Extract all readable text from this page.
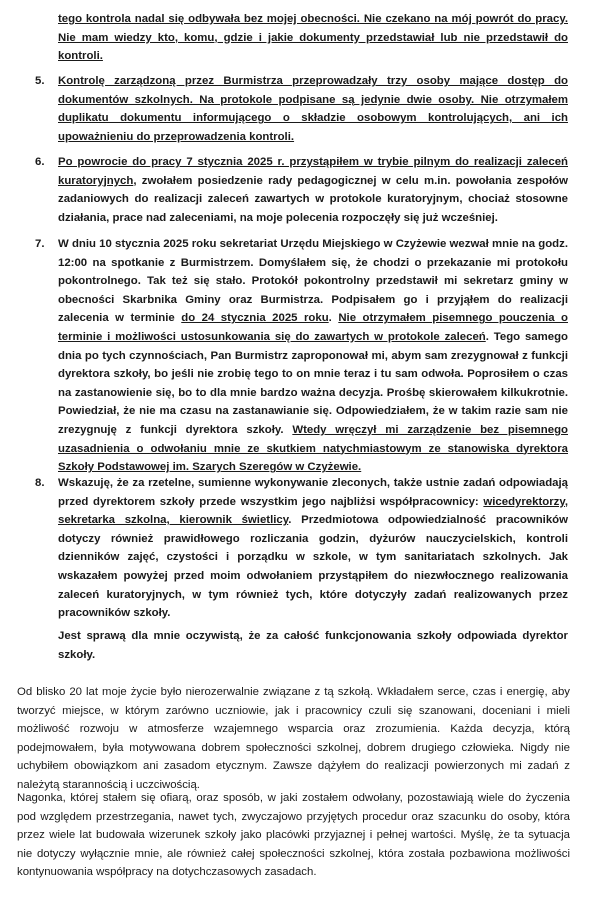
tego kontrola nadal się odbywała bez mojej obecności. Nie czekano na mój powrót do pracy. Nie mam wiedzy kto, komu, gdzie i jakie dokumenty przedstawiał lub nie przedstawił do kontroli.
5.	Kontrolę zarządzoną przez Burmistrza przeprowadzały trzy osoby mające dostęp do dokumentów szkolnych. Na protokole podpisane są jedynie dwie osoby. Nie otrzymałem duplikatu dokumentu informującego o składzie osobowym kontrolujących, ani ich upoważnieniu do przeprowadzenia kontroli.
6.	Po powrocie do pracy 7 stycznia 2025 r. przystąpiłem w trybie pilnym do realizacji zaleceń kuratoryjnych, zwołałem posiedzenie rady pedagogicznej w celu m.in. powołania zespołów zadaniowych do realizacji zaleceń zawartych w protokole kuratoryjnym, chociaż stosowne działania, prace nad zaleceniami, na moje polecenia rozpoczęły się już wcześniej.
7.	W dniu 10 stycznia 2025 roku sekretariat Urzędu Miejskiego w Czyżewie wezwał mnie na godz. 12:00 na spotkanie z Burmistrzem. Domyślałem się, że chodzi o przekazanie mi protokołu pokontrolnego. Tak też się stało. Protokół pokontrolny przedstawił mi sekretarz gminy w obecności Skarbnika Gminy oraz Burmistrza. Podpisałem go i przyjąłem do realizacji zalecenia w terminie do 24 stycznia 2025 roku. Nie otrzymałem pisemnego pouczenia o terminie i możliwości ustosunkowania się do zawartych w protokole zaleceń. Tego samego dnia po tych czynnościach, Pan Burmistrz zaproponował mi, abym sam zrezygnował z funkcji dyrektora szkoły, bo jeśli nie zrobię tego to on mnie teraz i tu sam odwoła. Poprosiłem o czas na zastanowienie się, bo to dla mnie bardzo ważna decyzja. Prośbę skierowałem kilkukrotnie. Powiedział, że nie ma czasu na zastanawianie się. Odpowiedziałem, że w takim razie sam nie zrezygnuję z funkcji dyrektora szkoły. Wtedy wręczył mi zarządzenie bez pisemnego uzasadnienia o odwołaniu mnie ze skutkiem natychmiastowym ze stanowiska dyrektora Szkoły Podstawowej im. Szarych Szeregów w Czyżewie.
8.	Wskazuję, że za rzetelne, sumienne wykonywanie zleconych, także ustnie zadań odpowiadają przed dyrektorem szkoły przede wszystkim jego najbliżsi współpracownicy: wicedyrektorzy, sekretarka szkolna, kierownik świetlicy. Przedmiotowa odpowiedzialność pracowników dotyczy również prawidłowego rozliczania godzin, dyżurów nauczycielskich, kontroli dzienników zajęć, czystości i porządku w szkole, w tym sanitariatach szkolnych. Jak wskazałem powyżej przed moim odwołaniem przystąpiłem do niezwłocznego realizowania zaleceń kuratoryjnych, w tym również tych, które dotyczyły zadań realizowanych przez pracowników szkoły.
Jest sprawą dla mnie oczywistą, że za całość funkcjonowania szkoły odpowiada dyrektor szkoły.
Od blisko 20 lat moje życie było nierozerwalnie związane z tą szkołą. Wkładałem serce, czas i energię, aby tworzyć miejsce, w którym zarówno uczniowie, jak i pracownicy czuli się szanowani, doceniani i mieli możliwość rozwoju w atmosferze wzajemnego wsparcia oraz zrozumienia. Każda decyzja, którą podejmowałem, była motywowana dobrem społeczności szkolnej, dobrem drugiego człowieka. Nigdy nie uchybiłem obowiązkom ani zasadom etycznym. Zawsze dążyłem do realizacji powierzonych mi zadań z należytą starannością i uczciwością.
Nagonka, której stałem się ofiarą, oraz sposób, w jaki zostałem odwołany, pozostawiają wiele do życzenia pod względem przestrzegania, nawet tych, zwyczajowo przyjętych procedur oraz szacunku do osoby, która przez wiele lat budowała wizerunek szkoły jako placówki przyjaznej i pełnej wartości. Myślę, że ta sytuacja nie dotyczy wyłącznie mnie, ale również całej społeczności szkolnej, która została pozbawiona możliwości kontynuowania współpracy na dotychczasowych zasadach.
